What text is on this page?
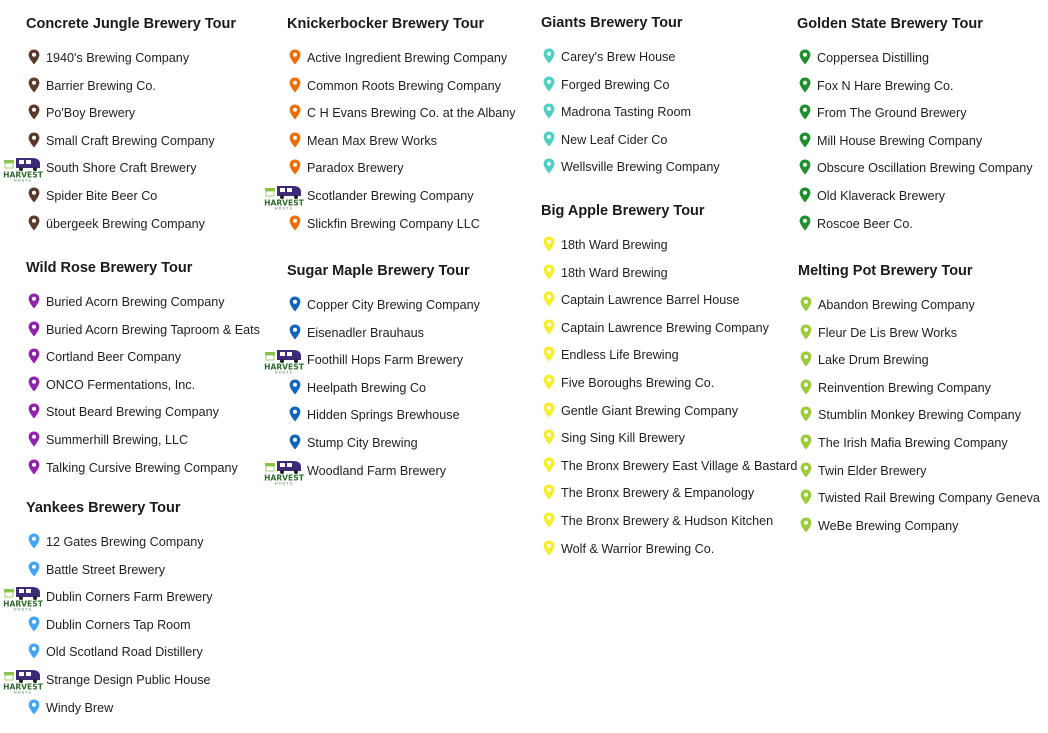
Concrete Jungle Brewery Tour
1940's Brewing Company
Barrier Brewing Co.
Po'Boy Brewery
Small Craft Brewing Company
HARVEST
HOSTS
South Shore Craft Brewery
Spider Bite Beer Co
übergeek Brewing Company
Wild Rose Brewery Tour
Buried Acorn Brewing Company
Buried Acorn Brewing Taproom & Eats
Cortland Beer Company
ONCO Fermentations, Inc.
Stout Beard Brewing Company
Summerhill Brewing, LLC
Talking Cursive Brewing Company
Yankees Brewery Tour
12 Gates Brewing Company
Battle Street Brewery
HARVEST
HOSTS
Dublin Corners Farm Brewery
Dublin Corners Tap Room
Old Scotland Road Distillery
HARVEST
HOSTS
Strange Design Public House
Windy Brew
Knickerbocker Brewery Tour
Active Ingredient Brewing Company
Common Roots Brewing Company
C H Evans Brewing Co. at the Albany
Mean Max Brew Works
Paradox Brewery
HARVEST
HOSTS
Scotlander Brewing Company
Slickfin Brewing Company LLC
Sugar Maple Brewery Tour
Copper City Brewing Company
Eisenadler Brauhaus
HARVEST
HOSTS
Foothill Hops Farm Brewery
Heelpath Brewing Co
Hidden Springs Brewhouse
Stump City Brewing
HARVEST
HOSTS
Woodland Farm Brewery
Giants Brewery Tour
Carey's Brew House
Forged Brewing Co
Madrona Tasting Room
New Leaf Cider Co
Wellsville Brewing Company
Big Apple Brewery Tour
18th Ward Brewing
18th Ward Brewing
Captain Lawrence Barrel House
Captain Lawrence Brewing Company
Endless Life Brewing
Five Boroughs Brewing Co.
Gentle Giant Brewing Company
Sing Sing Kill Brewery
The Bronx Brewery East Village & Bastard
The Bronx Brewery & Empanology
The Bronx Brewery & Hudson Kitchen
Wolf & Warrior Brewing Co.
Golden State Brewery Tour
Coppersea Distilling
Fox N Hare Brewing Co.
From The Ground Brewery
Mill House Brewing Company
Obscure Oscillation Brewing Company
Old Klaverack Brewery
Roscoe Beer Co.
Melting Pot Brewery Tour
Abandon Brewing Company
Fleur De Lis Brew Works
Lake Drum Brewing
Reinvention Brewing Company
Stumblin Monkey Brewing Company
The Irish Mafia Brewing Company
Twin Elder Brewery
Twisted Rail Brewing Company Geneva
WeBe Brewing Company
